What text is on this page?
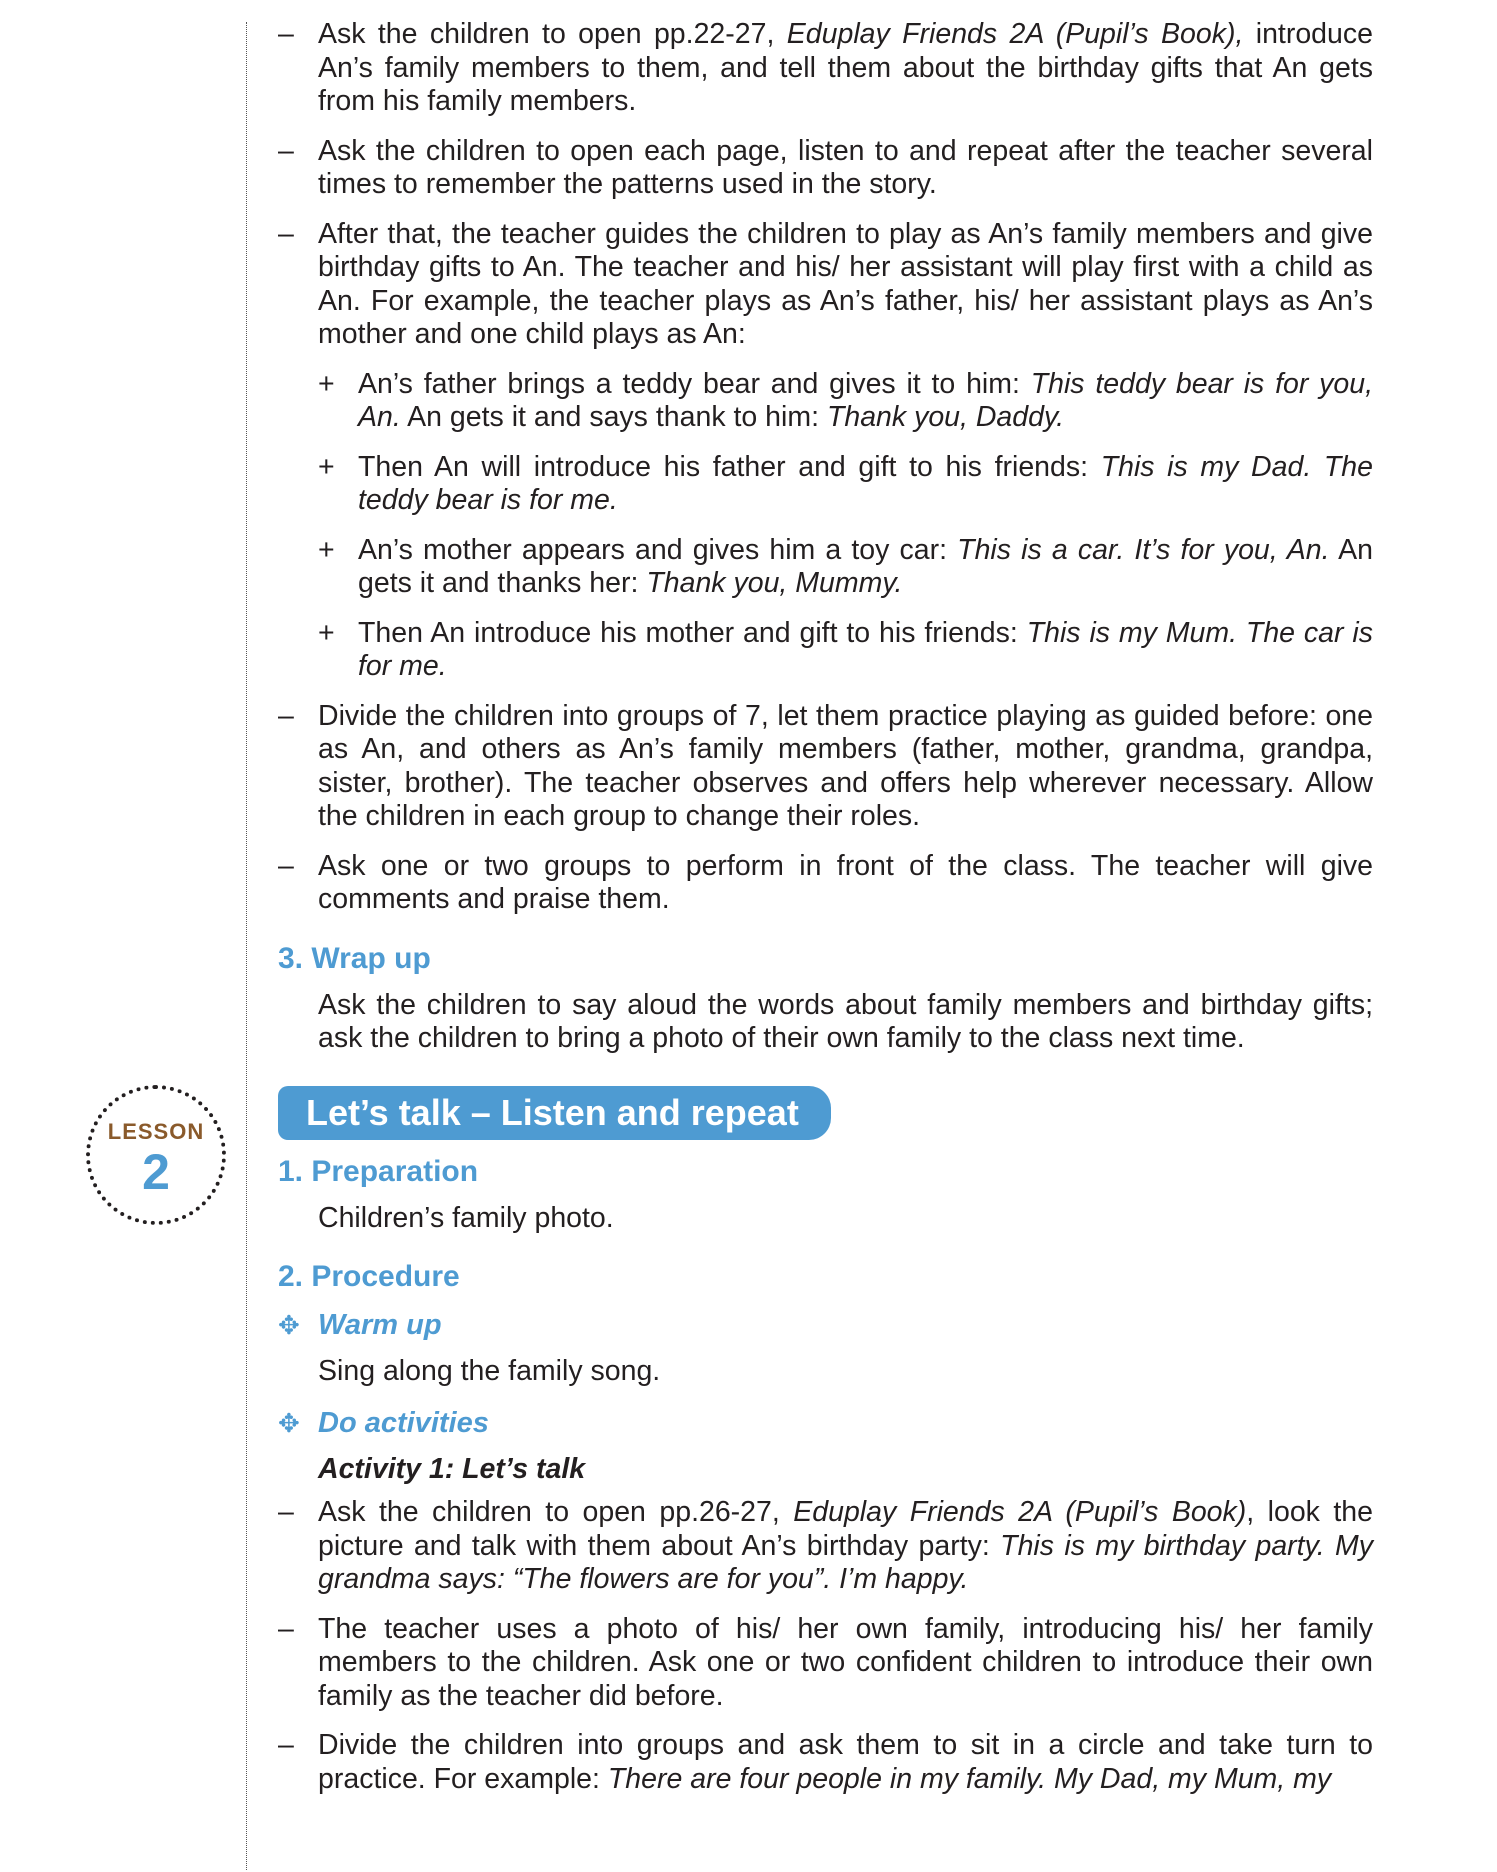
LESSON
2
– Ask the children to open pp.22-27, Eduplay Friends 2A (Pupil’s Book), introduce An’s family members to them, and tell them about the birthday gifts that An gets from his family members.
– Ask the children to open each page, listen to and repeat after the teacher several times to remember the patterns used in the story.
– After that, the teacher guides the children to play as An’s family members and give birthday gifts to An. The teacher and his/ her assistant will play first with a child as An. For example, the teacher plays as An’s father, his/ her assistant plays as An’s mother and one child plays as An:
+ An’s father brings a teddy bear and gives it to him: This teddy bear is for you, An. An gets it and says thank to him: Thank you, Daddy.
+ Then An will introduce his father and gift to his friends: This is my Dad. The teddy bear is for me.
+ An’s mother appears and gives him a toy car: This is a car. It’s for you, An. An gets it and thanks her: Thank you, Mummy.
+ Then An introduce his mother and gift to his friends: This is my Mum. The car is for me.
– Divide the children into groups of 7, let them practice playing as guided before: one as An, and others as An’s family members (father, mother, grandma, grandpa, sister, brother). The teacher observes and offers help wherever necessary. Allow the children in each group to change their roles.
– Ask one or two groups to perform in front of the class. The teacher will give comments and praise them.
3. Wrap up
Ask the children to say aloud the words about family members and birthday gifts; ask the children to bring a photo of their own family to the class next time.
Let’s talk – Listen and repeat
1. Preparation
Children’s family photo.
2. Procedure
✥ Warm up
Sing along the family song.
✥ Do activities
Activity 1: Let’s talk
– Ask the children to open pp.26-27, Eduplay Friends 2A (Pupil’s Book), look the picture and talk with them about An’s birthday party: This is my birthday party. My grandma says: “The flowers are for you”. I’m happy.
– The teacher uses a photo of his/ her own family, introducing his/ her family members to the children. Ask one or two confident children to introduce their own family as the teacher did before.
– Divide the children into groups and ask them to sit in a circle and take turn to practice. For example: There are four people in my family. My Dad, my Mum, my
